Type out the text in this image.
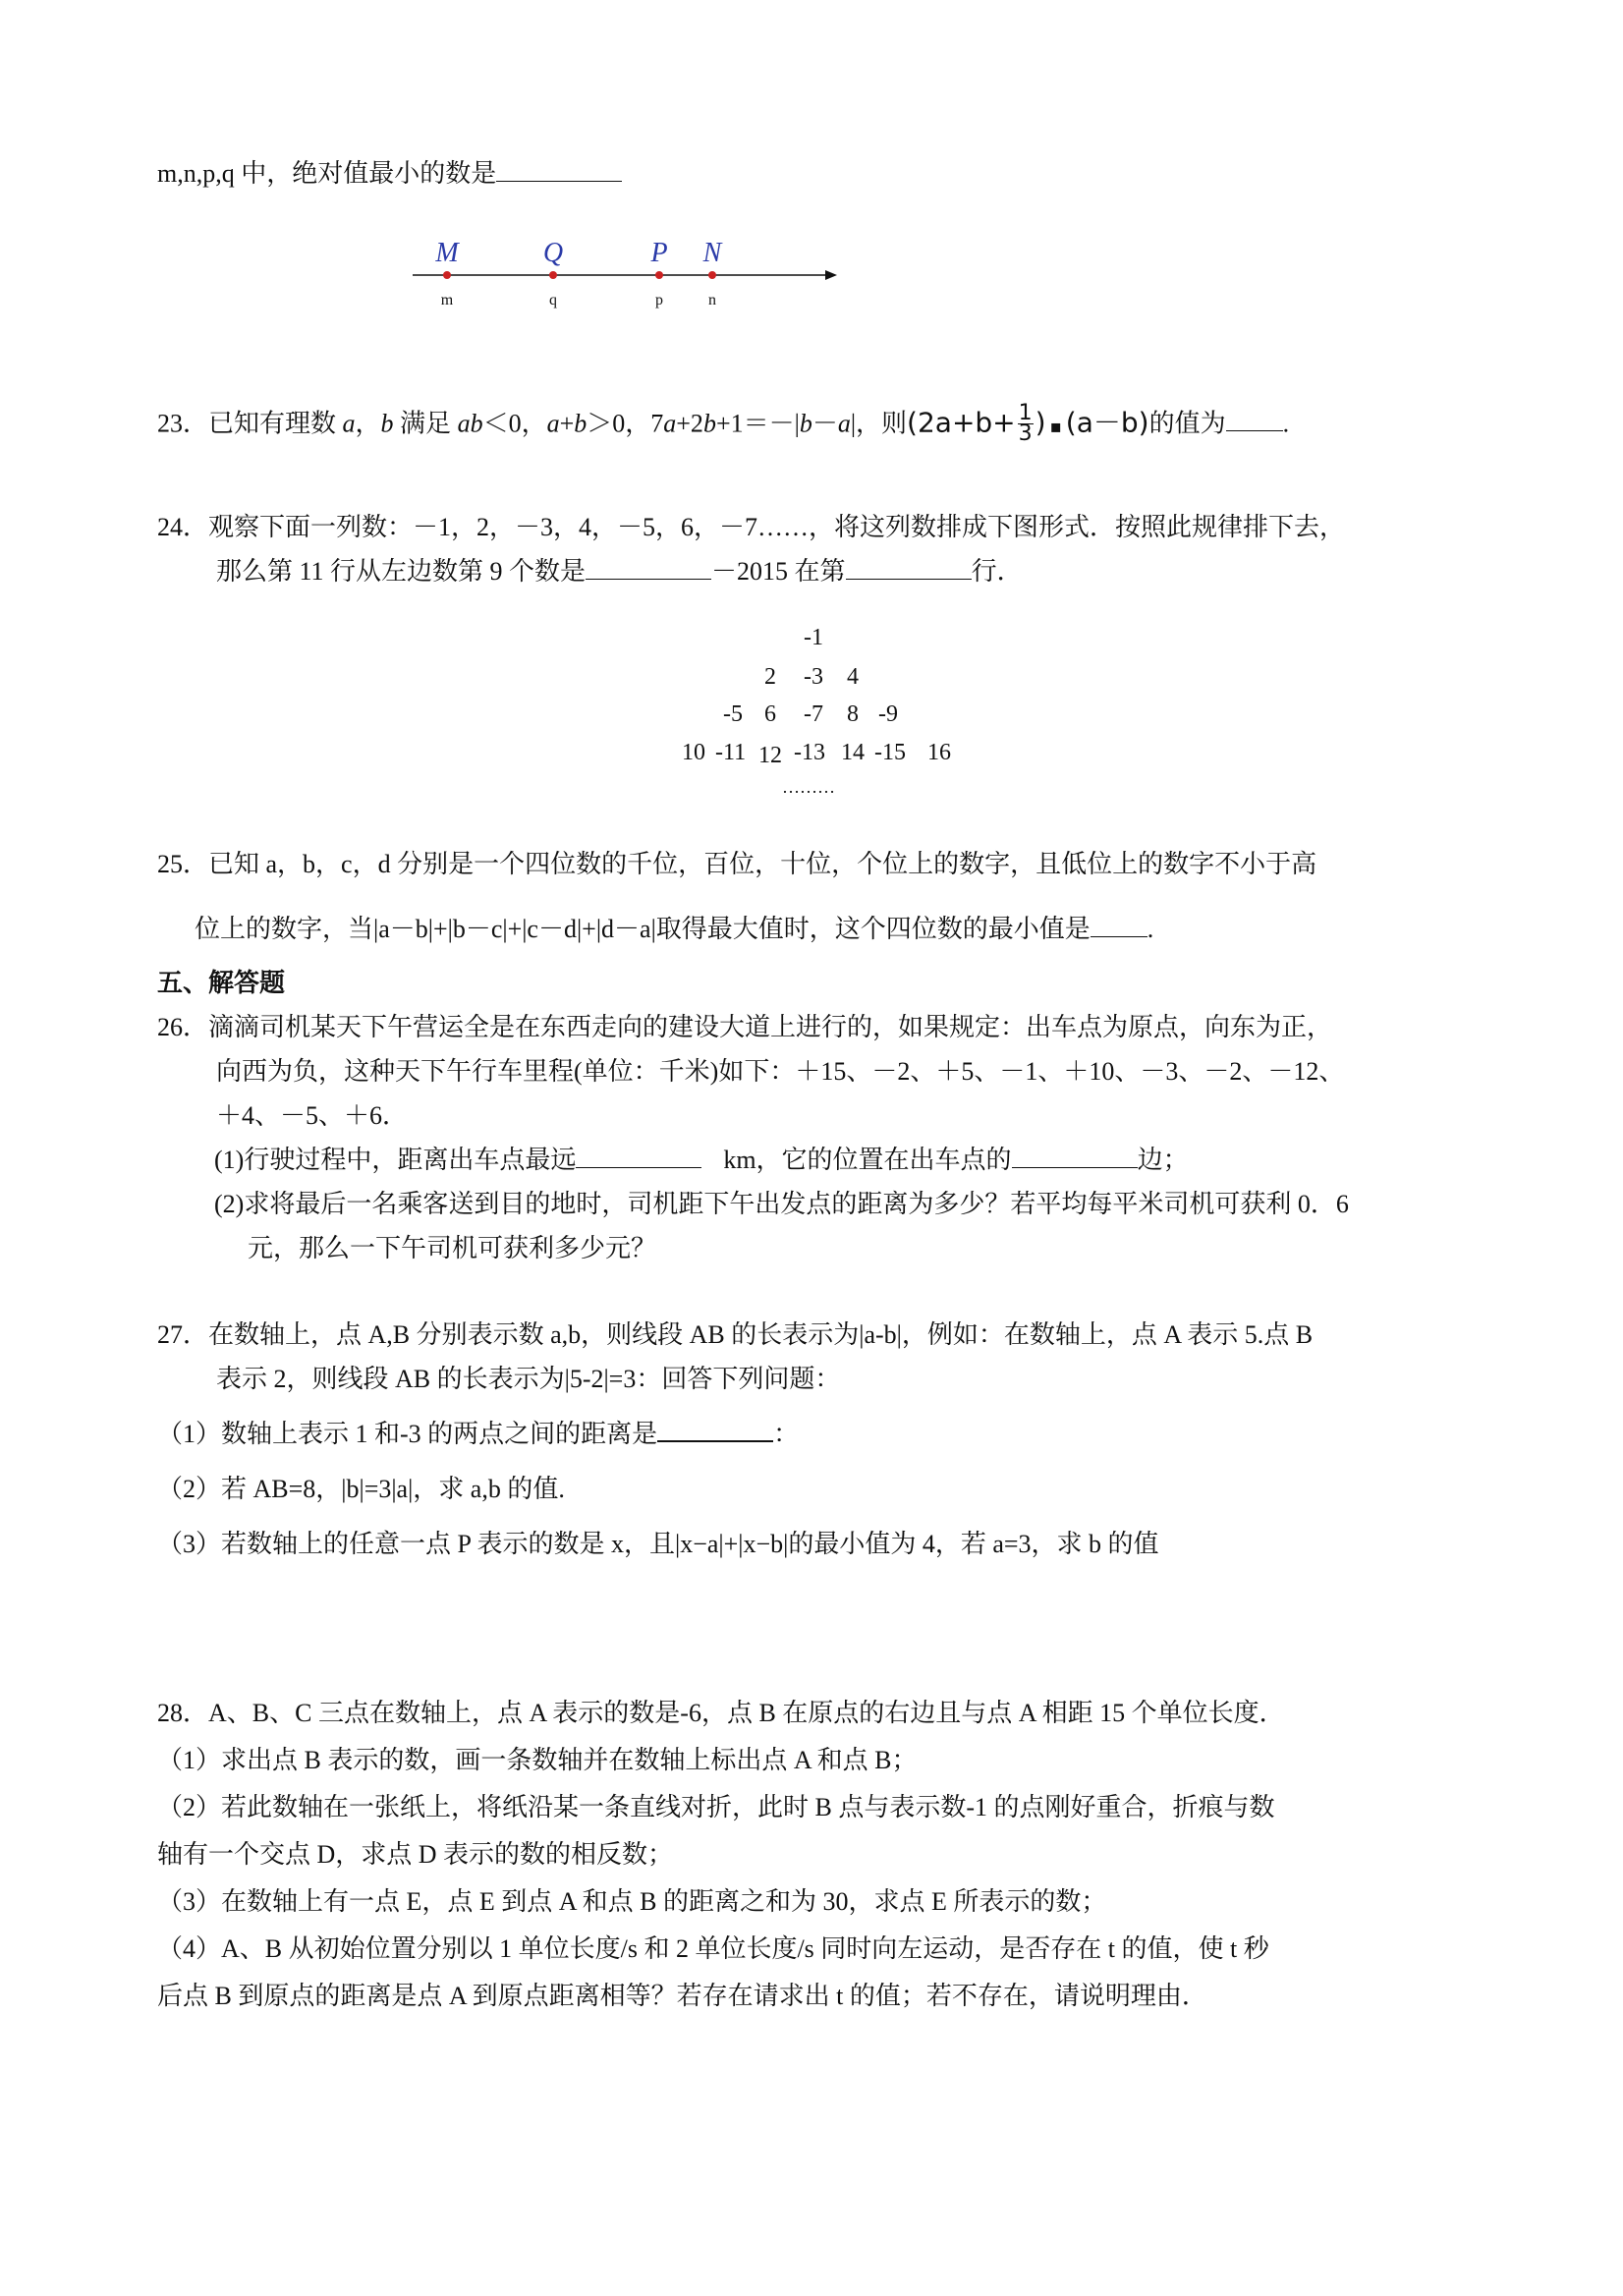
m,n,p,q 中，绝对值最小的数是
M
m
Q
q
P
p
N
n
23．已知有理数 a，b 满足 ab＜0，a+b＞0，7a+2b+1＝－|b－a|，则($2a+b+ \frac{1}{3}$ ) ▪ (a－b)的值为 .
24．观察下面一列数：－1，2，－3，4，－5，6，－7……，将这列数排成下图形式．按照此规律排下去，
那么第 11 行从左边数第 9 个数是	－2015 在第	行．
-1
2 -3 4
-5 6 -7 8 -9
10 -11 12 -13 14 -15 16
………
25．已知 a，b，c，d 分别是一个四位数的千位，百位，十位，个位上的数字，且低位上的数字不小于高
位上的数字，当|a－b|+|b－c|+|c－d|+|d－a|取得最大值时，这个四位数的最小值是 .
五、解答题
26．滴滴司机某天下午营运全是在东西走向的建设大道上进行的，如果规定：出车点为原点，向东为正，
向西为负，这种天下午行车里程(单位：千米)如下：＋15、－2、＋5、－1、＋10、－3、－2、－12、
＋4、－5、＋6．
(1)行驶过程中，距离出车点最远	km，它的位置在出车点的	边；
(2)求将最后一名乘客送到目的地时，司机距下午出发点的距离为多少？若平均每平米司机可获利 0．6
元，那么一下午司机可获利多少元？
27．在数轴上，点 A,B 分别表示数 a,b，则线段 AB 的长表示为|a-b|，例如：在数轴上，点 A 表示 5.点 B
表示 2，则线段 AB 的长表示为|5-2|=3：回答下列问题：
（1）数轴上表示 1 和-3 的两点之间的距离是	：
（2）若 AB=8，|b|=3|a|，求 a,b 的值.
（3）若数轴上的任意一点 P 表示的数是 x，且|x−a|+|x−b|的最小值为 4，若 a=3，求 b 的值
28．A、B、C 三点在数轴上，点 A 表示的数是-6，点 B 在原点的右边且与点 A 相距 15 个单位长度．
（1）求出点 B 表示的数，画一条数轴并在数轴上标出点 A 和点 B；
（2）若此数轴在一张纸上，将纸沿某一条直线对折，此时 B 点与表示数-1 的点刚好重合，折痕与数
轴有一个交点 D，求点 D 表示的数的相反数；
（3）在数轴上有一点 E，点 E 到点 A 和点 B 的距离之和为 30，求点 E 所表示的数；
（4）A、B 从初始位置分别以 1 单位长度/s 和 2 单位长度/s 同时向左运动，是否存在 t 的值，使 t 秒
后点 B 到原点的距离是点 A 到原点距离相等？若存在请求出 t 的值；若不存在，请说明理由．
